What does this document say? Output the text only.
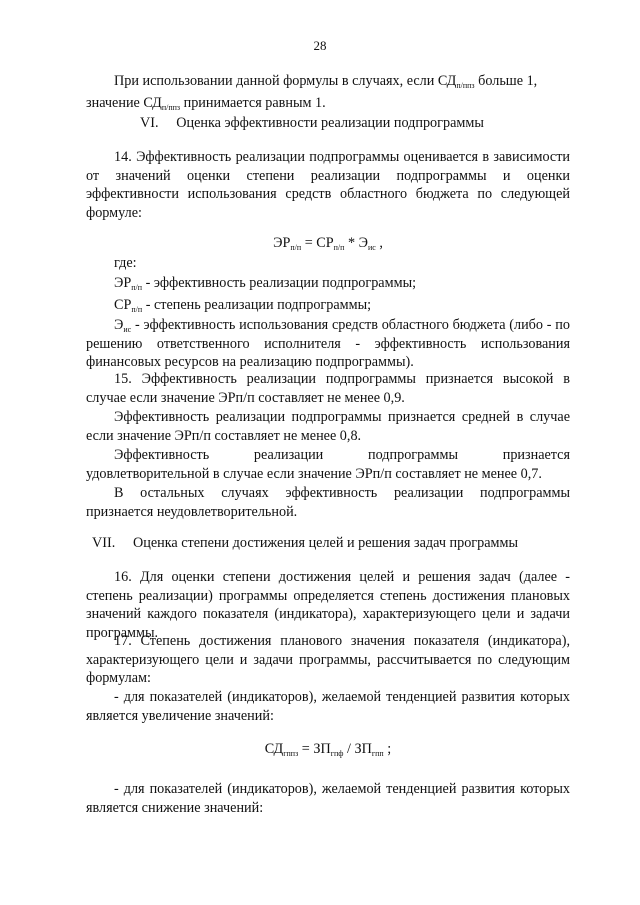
28
При использовании данной формулы в случаях, если $СД_{п/ппз}$ больше 1,
значение $СД_{п/ппз}$ принимается равным 1.
VI. Оценка эффективности реализации подпрограммы
14. Эффективность реализации подпрограммы оценивается в зависимости от значений оценки степени реализации подпрограммы и оценки эффективности использования средств областного бюджета по следующей формуле:
$ЭР_{п/п} = СР_{п/п} * Э_{ис}$ ,
где:
$ЭР_{п/п}$ - эффективность реализации подпрограммы;
$СР_{п/п}$ - степень реализации подпрограммы;
$Э_{ис}$ - эффективность использования средств областного бюджета (либо - по решению ответственного исполнителя - эффективность использования финансовых ресурсов на реализацию подпрограммы).
15. Эффективность реализации подпрограммы признается высокой в случае если значение ЭРп/п составляет не менее 0,9.
Эффективность реализации подпрограммы признается средней в случае если значение ЭРп/п составляет не менее 0,8.
Эффективность реализации подпрограммы признается
удовлетворительной в случае если значение ЭРп/п составляет не менее 0,7.
В остальных случаях эффективность реализации подпрограммы признается неудовлетворительной.
VII. Оценка степени достижения целей и решения задач программы
16. Для оценки степени достижения целей и решения задач (далее - степень реализации) программы определяется степень достижения плановых значений каждого показателя (индикатора), характеризующего цели и задачи программы.
17. Степень достижения планового значения показателя (индикатора), характеризующего цели и задачи программы, рассчитывается по следующим формулам:
- для показателей (индикаторов), желаемой тенденцией развития которых является увеличение значений:
$СД_{гппз} = ЗП_{гпф} / ЗП_{гпп}$ ;
- для показателей (индикаторов), желаемой тенденцией развития которых является снижение значений:
